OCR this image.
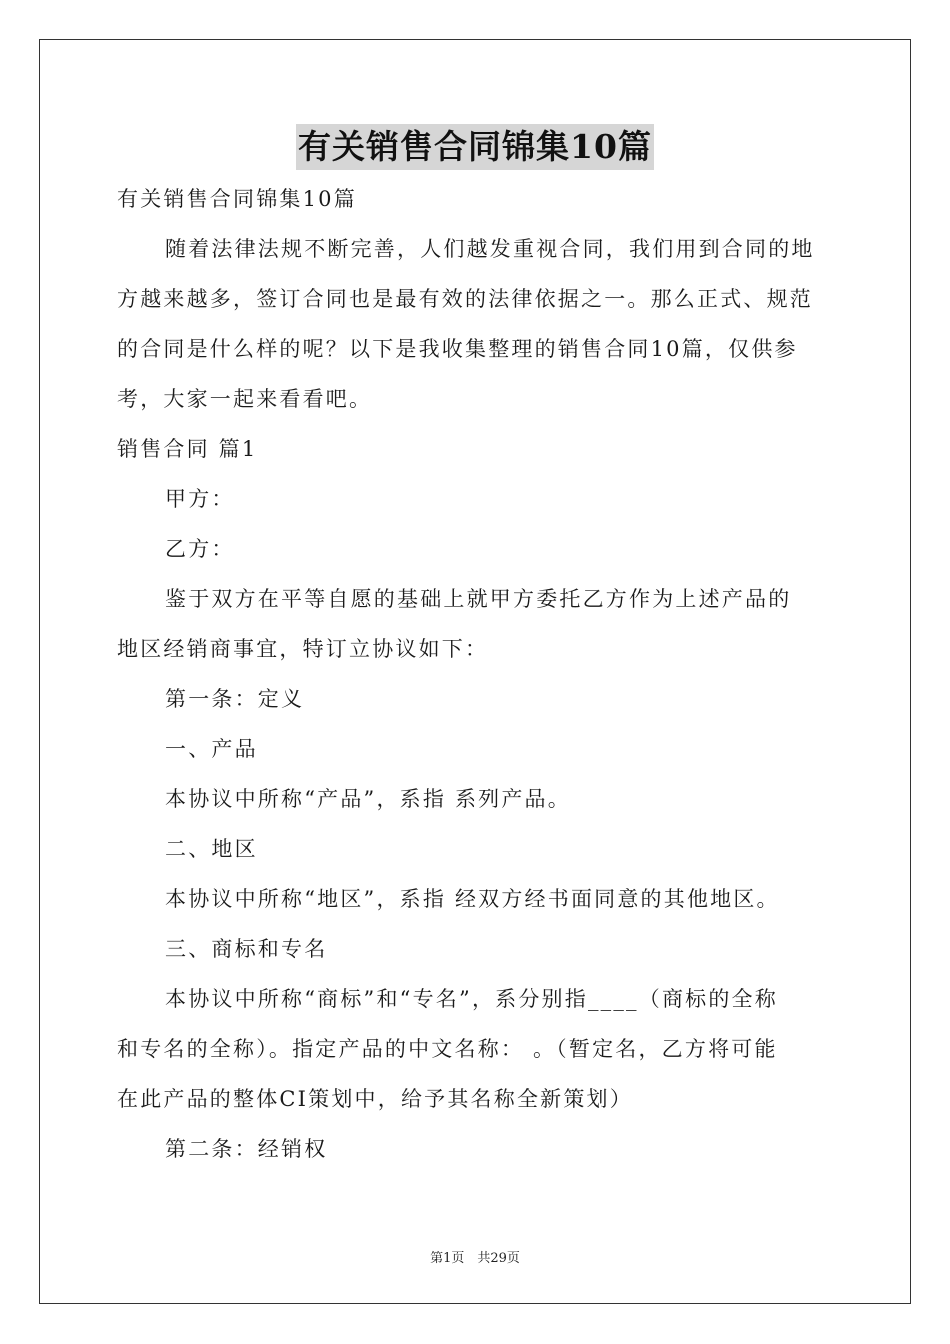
有关销售合同锦集10篇
有关销售合同锦集10篇
随着法律法规不断完善，人们越发重视合同，我们用到合同的地
方越来越多，签订合同也是最有效的法律依据之一。那么正式、规范
的合同是什么样的呢？以下是我收集整理的销售合同10篇，仅供参
考，大家一起来看看吧。
销售合同 篇1
甲方：
乙方：
鉴于双方在平等自愿的基础上就甲方委托乙方作为上述产品的
地区经销商事宜，特订立协议如下：
第一条：定义
一、产品
本协议中所称“产品”，系指 系列产品。
二、地区
本协议中所称“地区”，系指 经双方经书面同意的其他地区。
三、商标和专名
本协议中所称“商标”和“专名”，系分别指____（商标的全称
和专名的全称）。指定产品的中文名称： 。（暂定名，乙方将可能
在此产品的整体CI策划中，给予其名称全新策划）
第二条：经销权
第1页　共29页
